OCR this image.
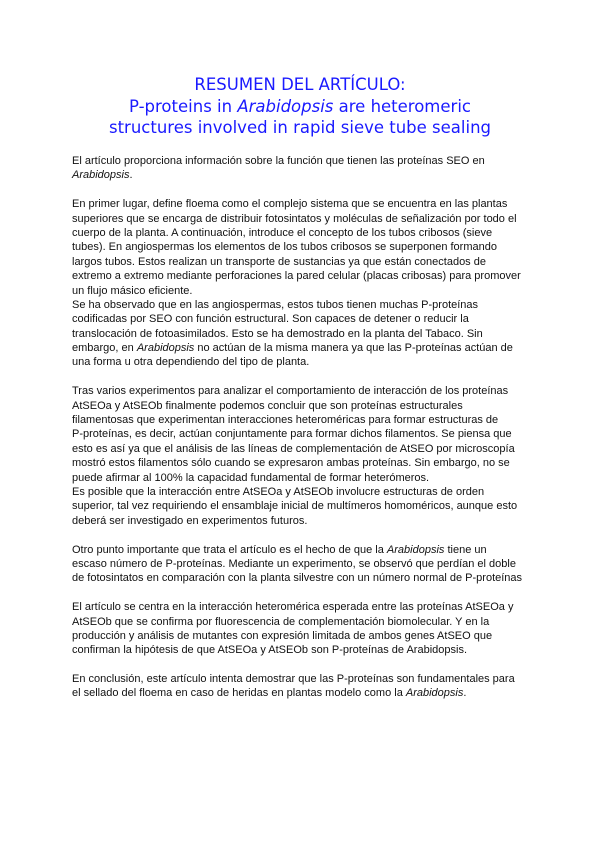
RESUMEN DEL ARTÍCULO:
P-proteins in Arabidopsis are heteromeric
structures involved in rapid sieve tube sealing
El artículo proporciona información sobre la función que tienen las proteínas SEO en
Arabidopsis.
En primer lugar, define floema como el complejo sistema que se encuentra en las plantas
superiores que se encarga de distribuir fotosintatos y moléculas de señalización por todo el
cuerpo de la planta. A continuación, introduce el concepto de los tubos cribosos (sieve
tubes). En angiospermas los elementos de los tubos cribosos se superponen formando
largos tubos. Estos realizan un transporte de sustancias ya que están conectados de
extremo a extremo mediante perforaciones la pared celular (placas cribosas) para promover
un flujo másico eficiente.
Se ha observado que en las angiospermas, estos tubos tienen muchas P-proteínas
codificadas por SEO con función estructural. Son capaces de detener o reducir la
translocación de fotoasimilados. Esto se ha demostrado en la planta del Tabaco. Sin
embargo, en Arabidopsis no actúan de la misma manera ya que las P-proteínas actúan de
una forma u otra dependiendo del tipo de planta.
Tras varios experimentos para analizar el comportamiento de interacción de los proteínas
AtSEOa y AtSEOb finalmente podemos concluir que son proteínas estructurales
filamentosas que experimentan interacciones heteroméricas para formar estructuras de
P-proteínas, es decir, actúan conjuntamente para formar dichos filamentos. Se piensa que
esto es así ya que el análisis de las líneas de complementación de AtSEO por microscopía
mostró estos filamentos sólo cuando se expresaron ambas proteínas. Sin embargo, no se
puede afirmar al 100% la capacidad fundamental de formar heterómeros.
Es posible que la interacción entre AtSEOa y AtSEOb involucre estructuras de orden
superior, tal vez requiriendo el ensamblaje inicial de multímeros homoméricos, aunque esto
deberá ser investigado en experimentos futuros.
Otro punto importante que trata el artículo es el hecho de que la Arabidopsis tiene un
escaso número de P-proteínas. Mediante un experimento, se observó que perdían el doble
de fotosintatos en comparación con la planta silvestre con un número normal de P-proteínas
El artículo se centra en la interacción heteromérica esperada entre las proteínas AtSEOa y
AtSEOb que se confirma por fluorescencia de complementación biomolecular. Y en la
producción y análisis de mutantes con expresión limitada de ambos genes AtSEO que
confirman la hipótesis de que AtSEOa y AtSEOb son P-proteínas de Arabidopsis.
En conclusión, este artículo intenta demostrar que las P-proteínas son fundamentales para
el sellado del floema en caso de heridas en plantas modelo como la Arabidopsis.
